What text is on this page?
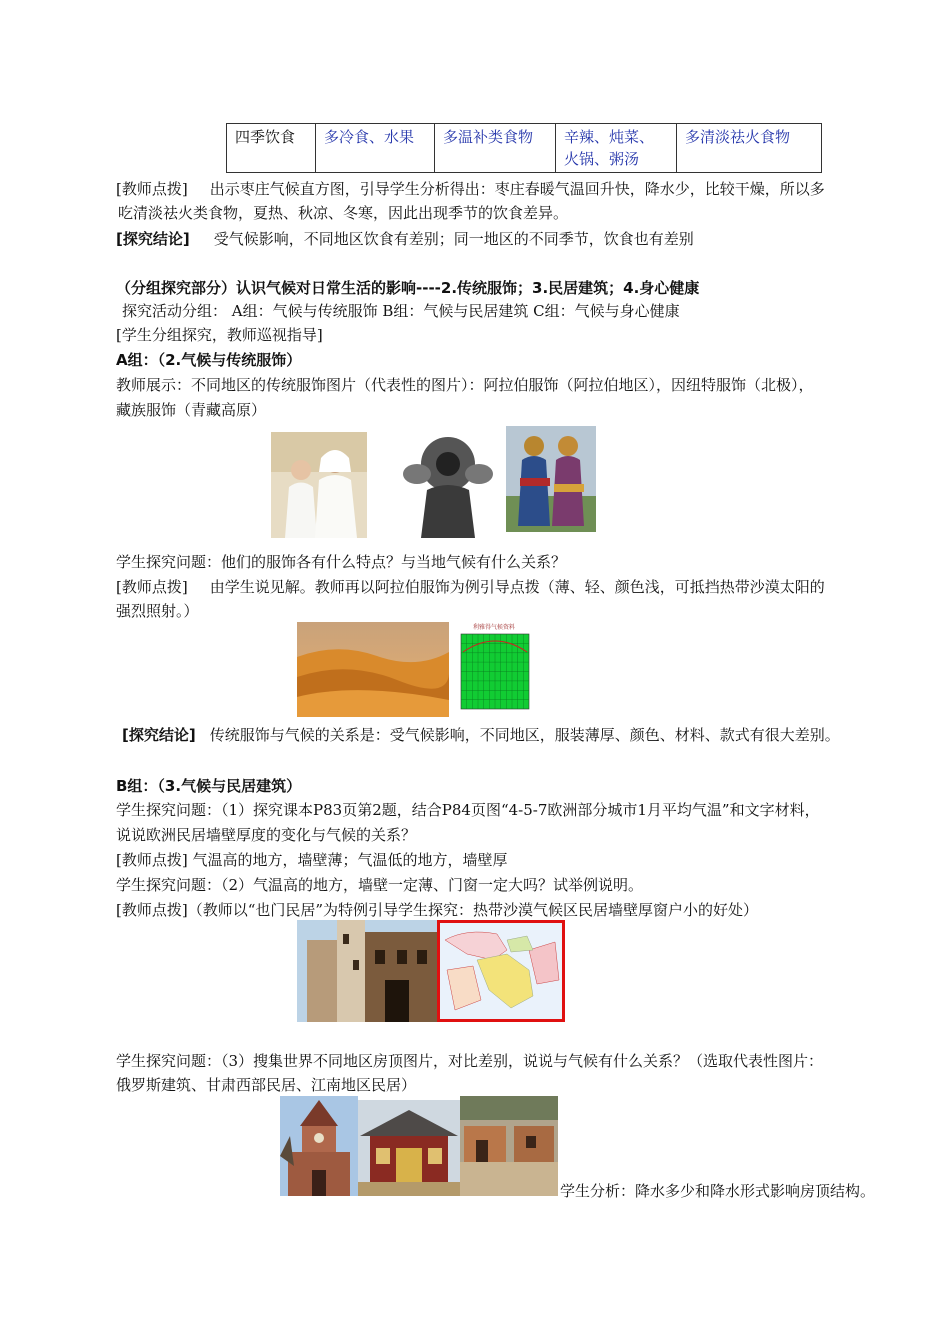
四季饮食	多冷食、水果	多温补类食物	辛辣、炖菜、火锅、粥汤	多清淡祛火食物
[教师点拨] 出示枣庄气候直方图，引导学生分析得出：枣庄春暖气温回升快，降水少，比较干燥，所以多
吃清淡祛火类食物，夏热、秋凉、冬寒，因此出现季节的饮食差异。
[探究结论] 受气候影响，不同地区饮食有差别；同一地区的不同季节，饮食也有差别
（分组探究部分）认识气候对日常生活的影响----2.传统服饰；3.民居建筑；4.身心健康
探究活动分组： A组：气候与传统服饰 B组：气候与民居建筑 C组：气候与身心健康
[学生分组探究，教师巡视指导]
A组：（2.气候与传统服饰）
教师展示：不同地区的传统服饰图片（代表性的图片）：阿拉伯服饰（阿拉伯地区），因纽特服饰（北极），
藏族服饰（青藏高原）
学生探究问题：他们的服饰各有什么特点？与当地气候有什么关系？
[教师点拨] 由学生说见解。教师再以阿拉伯服饰为例引导点拨（薄、轻、颜色浅，可抵挡热带沙漠太阳的
强烈照射。）
利雅得气候资料
[探究结论] 传统服饰与气候的关系是：受气候影响，不同地区，服装薄厚、颜色、材料、款式有很大差别。
B组：（3.气候与民居建筑）
学生探究问题：（1）探究课本P83页第2题，结合P84页图“4-5-7欧洲部分城市1月平均气温”和文字材料，
说说欧洲民居墙壁厚度的变化与气候的关系？
[教师点拨] 气温高的地方，墙壁薄；气温低的地方，墙壁厚
学生探究问题：（2）气温高的地方，墙壁一定薄、门窗一定大吗？试举例说明。
[教师点拨]（教师以“也门民居”为特例引导学生探究：热带沙漠气候区民居墙壁厚窗户小的好处）
学生探究问题：（3）搜集世界不同地区房顶图片，对比差别，说说与气候有什么关系？（选取代表性图片：
俄罗斯建筑、甘肃西部民居、江南地区民居）
学生分析：降水多少和降水形式影响房顶结构。
